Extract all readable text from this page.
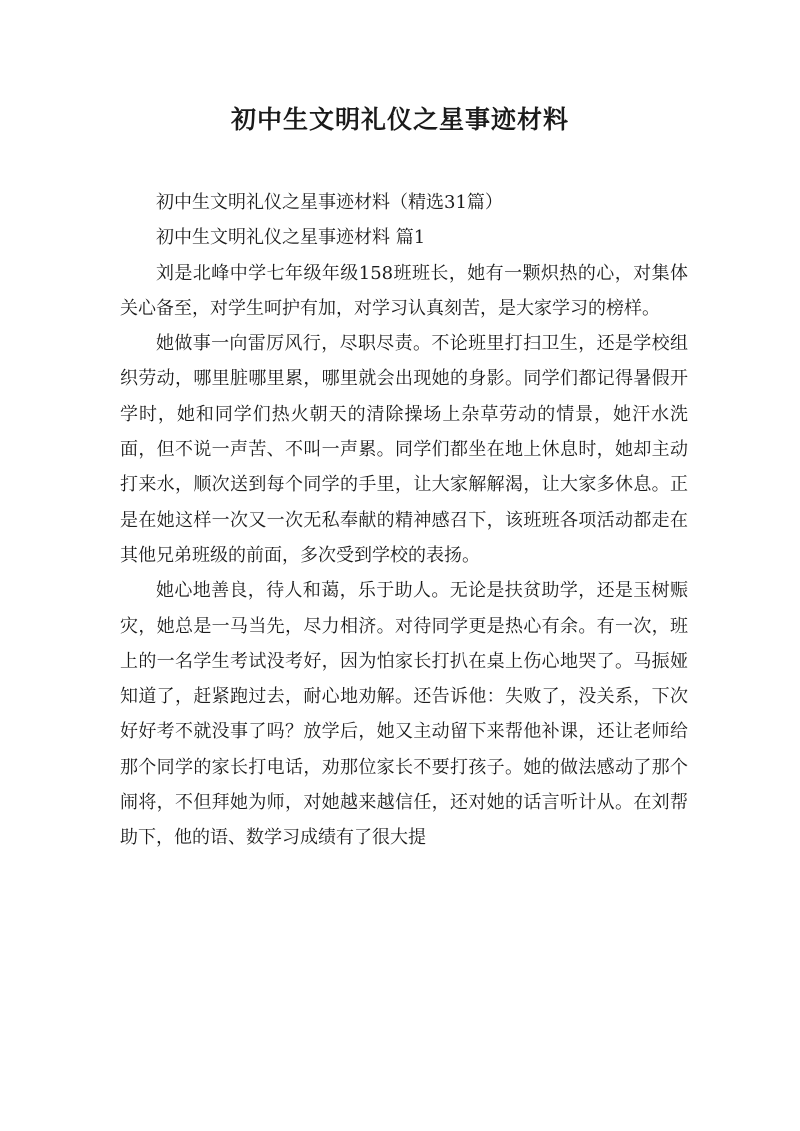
初中生文明礼仪之星事迹材料

初中生文明礼仪之星事迹材料（精选31篇）

初中生文明礼仪之星事迹材料 篇1

刘是北峰中学七年级年级158班班长，她有一颗炽热的心，对集体关心备至，对学生呵护有加，对学习认真刻苦，是大家学习的榜样。

她做事一向雷厉风行，尽职尽责。不论班里打扫卫生，还是学校组织劳动，哪里脏哪里累，哪里就会出现她的身影。同学们都记得暑假开学时，她和同学们热火朝天的清除操场上杂草劳动的情景，她汗水洗面，但不说一声苦、不叫一声累。同学们都坐在地上休息时，她却主动打来水，顺次送到每个同学的手里，让大家解解渴，让大家多休息。正是在她这样一次又一次无私奉献的精神感召下，该班班各项活动都走在其他兄弟班级的前面，多次受到学校的表扬。

她心地善良，待人和蔼，乐于助人。无论是扶贫助学，还是玉树赈灾，她总是一马当先，尽力相济。对待同学更是热心有余。有一次，班上的一名学生考试没考好，因为怕家长打扒在桌上伤心地哭了。马振娅知道了，赶紧跑过去，耐心地劝解。还告诉他：失败了，没关系，下次好好考不就没事了吗？放学后，她又主动留下来帮他补课，还让老师给那个同学的家长打电话，劝那位家长不要打孩子。她的做法感动了那个闹将，不但拜她为师，对她越来越信任，还对她的话言听计从。在刘帮助下，他的语、数学习成绩有了很大提
